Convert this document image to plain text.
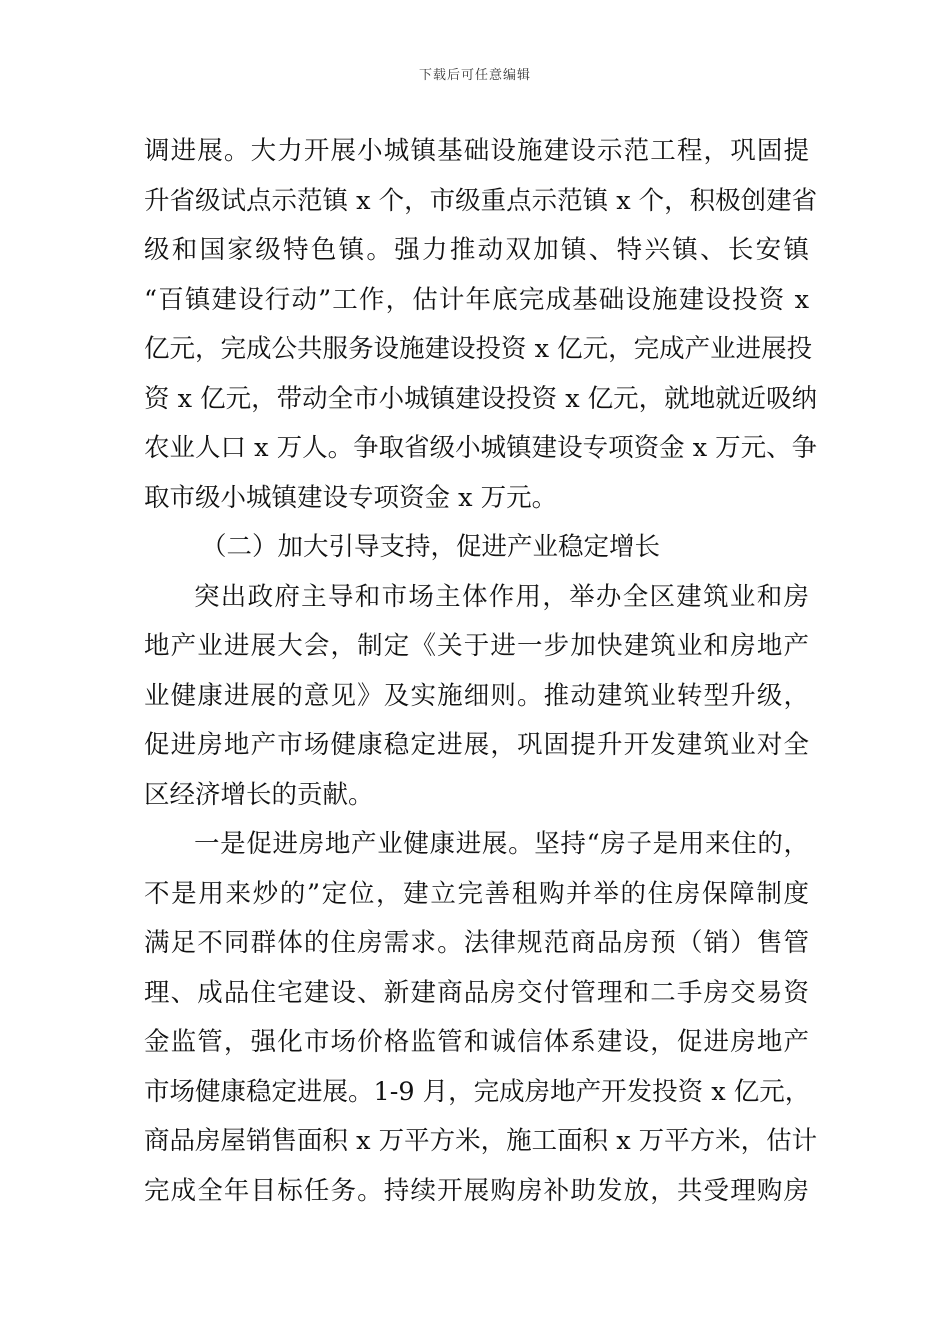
下载后可任意编辑
调进展。大力开展小城镇基础设施建设示范工程，巩固提
升省级试点示范镇 x 个，市级重点示范镇 x 个，积极创建省
级和国家级特色镇。强力推动双加镇、特兴镇、长安镇
“百镇建设行动”工作，估计年底完成基础设施建设投资 x
亿元，完成公共服务设施建设投资 x 亿元，完成产业进展投
资 x 亿元，带动全市小城镇建设投资 x 亿元，就地就近吸纳
农业人口 x 万人。争取省级小城镇建设专项资金 x 万元、争
取市级小城镇建设专项资金 x 万元。
（二）加大引导支持，促进产业稳定增长
突出政府主导和市场主体作用，举办全区建筑业和房
地产业进展大会，制定《关于进一步加快建筑业和房地产
业健康进展的意见》及实施细则。推动建筑业转型升级，
促进房地产市场健康稳定进展，巩固提升开发建筑业对全
区经济增长的贡献。
一是促进房地产业健康进展。坚持“房子是用来住的，
不是用来炒的”定位，建立完善租购并举的住房保障制度
满足不同群体的住房需求。法律规范商品房预（销）售管
理、成品住宅建设、新建商品房交付管理和二手房交易资
金监管，强化市场价格监管和诚信体系建设，促进房地产
市场健康稳定进展。1-9 月，完成房地产开发投资 x 亿元，
商品房屋销售面积 x 万平方米，施工面积 x 万平方米，估计
完成全年目标任务。持续开展购房补助发放，共受理购房
